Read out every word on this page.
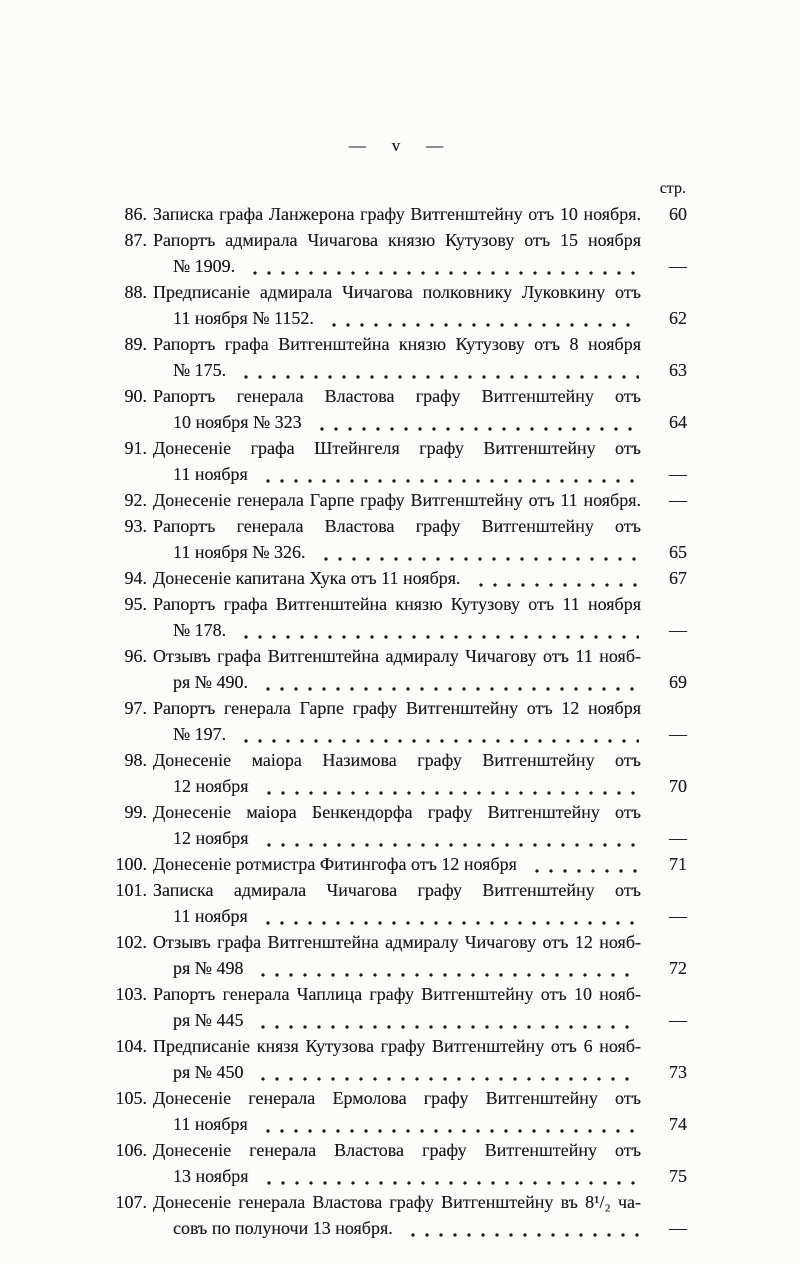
— v —
стр.
86. Записка графа Ланжерона графу Витгенштейну отъ 10 ноября.	60
87. Рапортъ адмирала Чичагова князю Кутузову отъ 15 ноября
№ 1909.	—
88. Предписаніе адмирала Чичагова полковнику Луковкину отъ
11 ноября № 1152.	62
89. Рапортъ графа Витгенштейна князю Кутузову отъ 8 ноября
№ 175.	63
90. Рапортъ генерала Властова графу Витгенштейну отъ
10 ноября № 323	64
91. Донесеніе графа Штейнгеля графу Витгенштейну отъ
11 ноября	—
92. Донесеніе генерала Гарпе графу Витгенштейну отъ 11 ноября.	—
93. Рапортъ генерала Властова графу Витгенштейну отъ
11 ноября № 326.	65
94. Донесеніе капитана Хука отъ 11 ноября.	67
95. Рапортъ графа Витгенштейна князю Кутузову отъ 11 ноября
№ 178.	—
96. Отзывъ графа Витгенштейна адмиралу Чичагову отъ 11 нояб-
ря № 490.	69
97. Рапортъ генерала Гарпе графу Витгенштейну отъ 12 ноября
№ 197.	—
98. Донесеніе маіора Назимова графу Витгенштейну отъ
12 ноября	70
99. Донесеніе маіора Бенкендорфа графу Витгенштейну отъ
12 ноября	—
100. Донесеніе ротмистра Фитингофа отъ 12 ноября	71
101. Записка адмирала Чичагова графу Витгенштейну отъ
11 ноября	—
102. Отзывъ графа Витгенштейна адмиралу Чичагову отъ 12 нояб-
ря № 498	72
103. Рапортъ генерала Чаплица графу Витгенштейну отъ 10 нояб-
ря № 445	—
104. Предписаніе князя Кутузова графу Витгенштейну отъ 6 нояб-
ря № 450	73
105. Донесеніе генерала Ермолова графу Витгенштейну отъ
11 ноября	74
106. Донесеніе генерала Властова графу Витгенштейну отъ
13 ноября	75
107. Донесеніе генерала Властова графу Витгенштейну въ 8¹/₂ ча-
совъ по полуночи 13 ноября.	—
